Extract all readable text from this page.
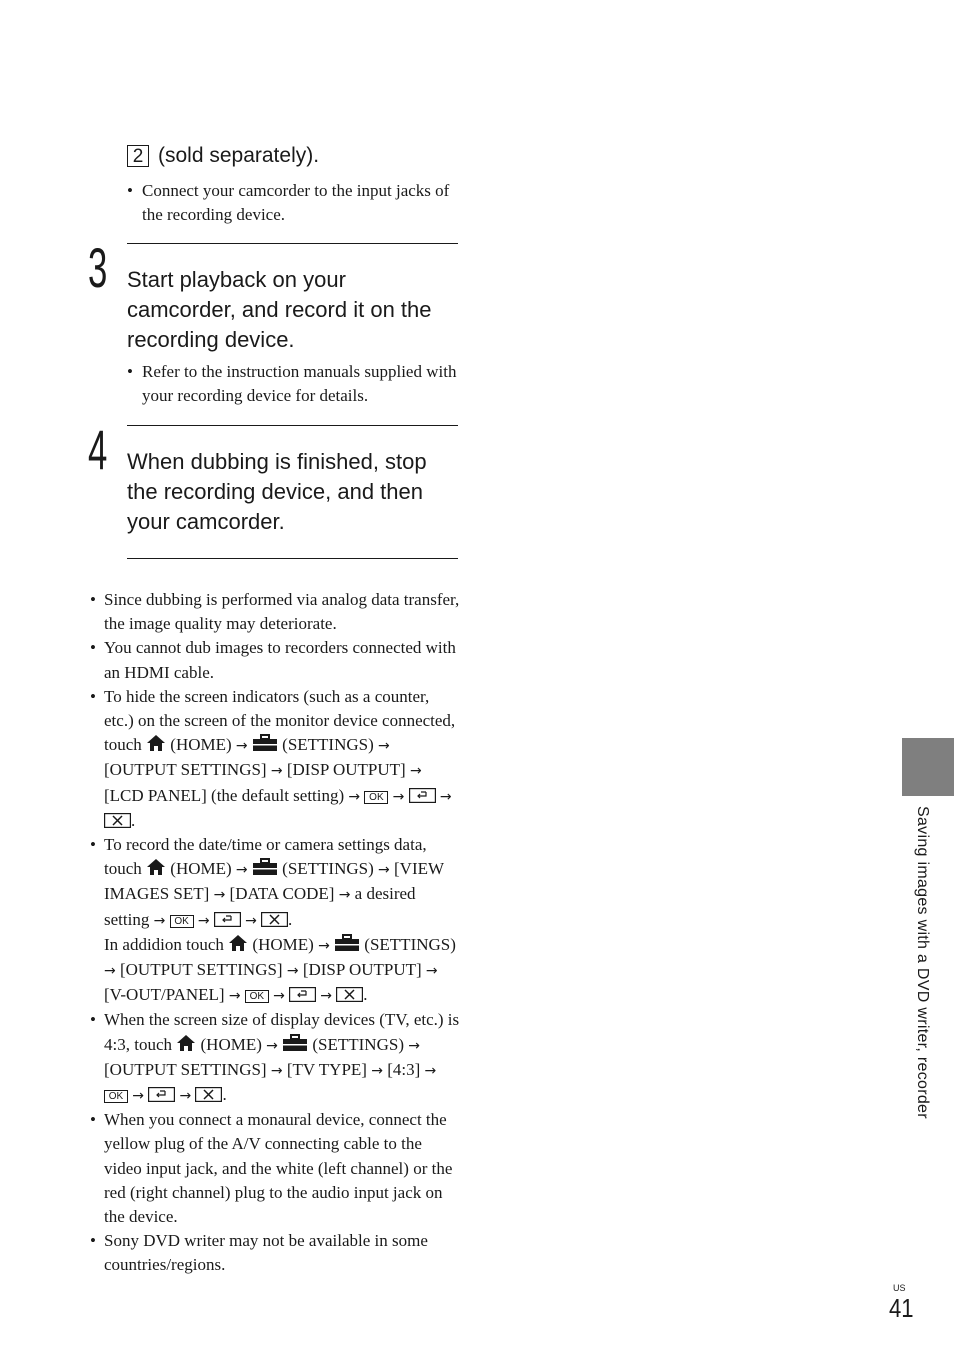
2 (sold separately).
• Connect your camcorder to the input jacks of the recording device.
3 Start playback on your camcorder, and record it on the recording device.
• Refer to the instruction manuals supplied with your recording device for details.
4 When dubbing is finished, stop the recording device, and then your camcorder.
• Since dubbing is performed via analog data transfer, the image quality may deteriorate.
• You cannot dub images to recorders connected with an HDMI cable.
• To hide the screen indicators (such as a counter, etc.) on the screen of the monitor device connected, touch (HOME) → (SETTINGS) → [OUTPUT SETTINGS] → [DISP OUTPUT] → [LCD PANEL] (the default setting) → OK →	→ .
• To record the date/time or camera settings data, touch (HOME) → (SETTINGS) → [VIEW IMAGES SET] → [DATA CODE] → a desired setting → OK →	→ .
In addidion touch (HOME) → (SETTINGS) → [OUTPUT SETTINGS] → [DISP OUTPUT] → [V-OUT/PANEL] → OK →	→ .
• When the screen size of display devices (TV, etc.) is 4:3, touch (HOME) → (SETTINGS) → [OUTPUT SETTINGS] → [TV TYPE] → [4:3] → OK →	→ .
• When you connect a monaural device, connect the yellow plug of the A/V connecting cable to the video input jack, and the white (left channel) or the red (right channel) plug to the audio input jack on the device.
• Sony DVD writer may not be available in some countries/regions.
Saving images with a DVD writer, recorder
US
41
